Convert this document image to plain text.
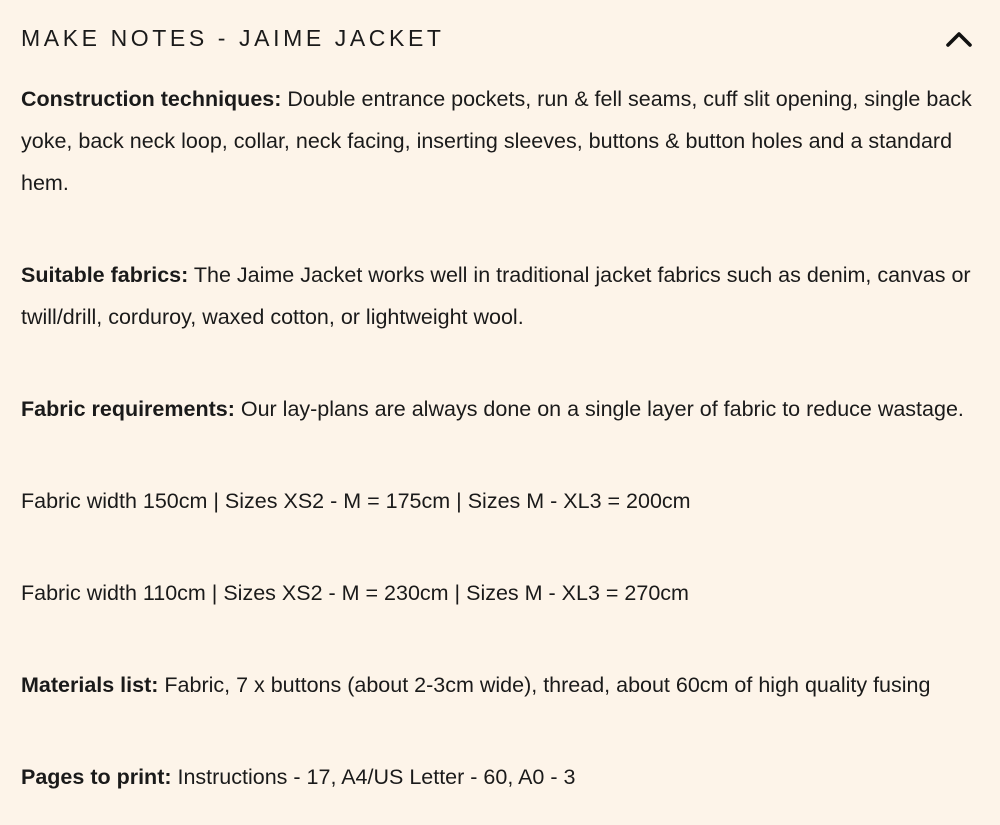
MAKE NOTES - JAIME JACKET

Construction techniques: Double entrance pockets, run & fell seams, cuff slit opening, single back yoke, back neck loop, collar, neck facing, inserting sleeves, buttons & button holes and a standard hem.

Suitable fabrics: The Jaime Jacket works well in traditional jacket fabrics such as denim, canvas or twill/drill, corduroy, waxed cotton, or lightweight wool.

Fabric requirements: Our lay-plans are always done on a single layer of fabric to reduce wastage.

Fabric width 150cm | Sizes XS2 - M = 175cm | Sizes M - XL3 = 200cm

Fabric width 110cm | Sizes XS2 - M = 230cm | Sizes M - XL3 = 270cm

Materials list: Fabric, 7 x buttons (about 2-3cm wide), thread, about 60cm of high quality fusing

Pages to print: Instructions - 17, A4/US Letter - 60, A0 - 3
